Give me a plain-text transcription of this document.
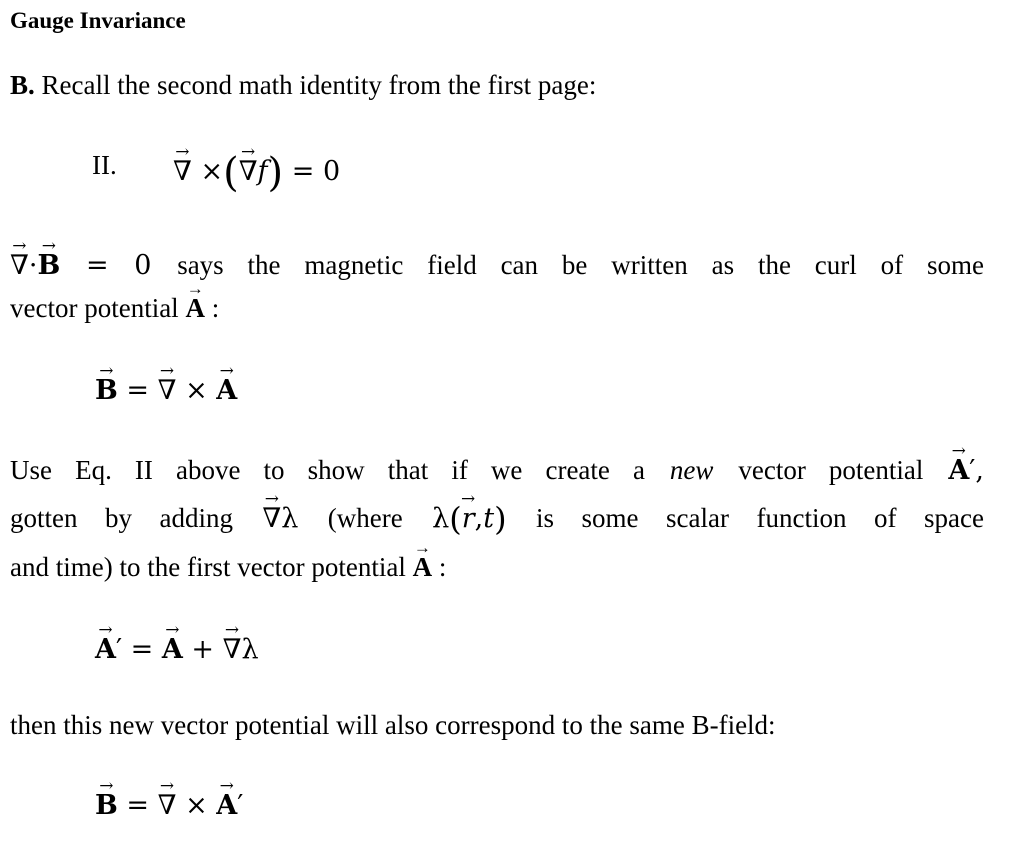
Gauge Invariance
B. Recall the second math identity from the first page:
II. → ∇ ×(→ ∇f) = 0
→ ∇·→ B = 0 says the magnetic field can be written as the curl of some
vector potential → A :
→ B = → ∇ × → A
Use Eq. II above to show that if we create a new vector potential → A′,
gotten by adding → ∇λ (where λ(→ r,t) is some scalar function of space
and time) to the first vector potential → A :
→ A′ = → A + → ∇λ
then this new vector potential will also correspond to the same B-field:
→ B = → ∇ × → A′
